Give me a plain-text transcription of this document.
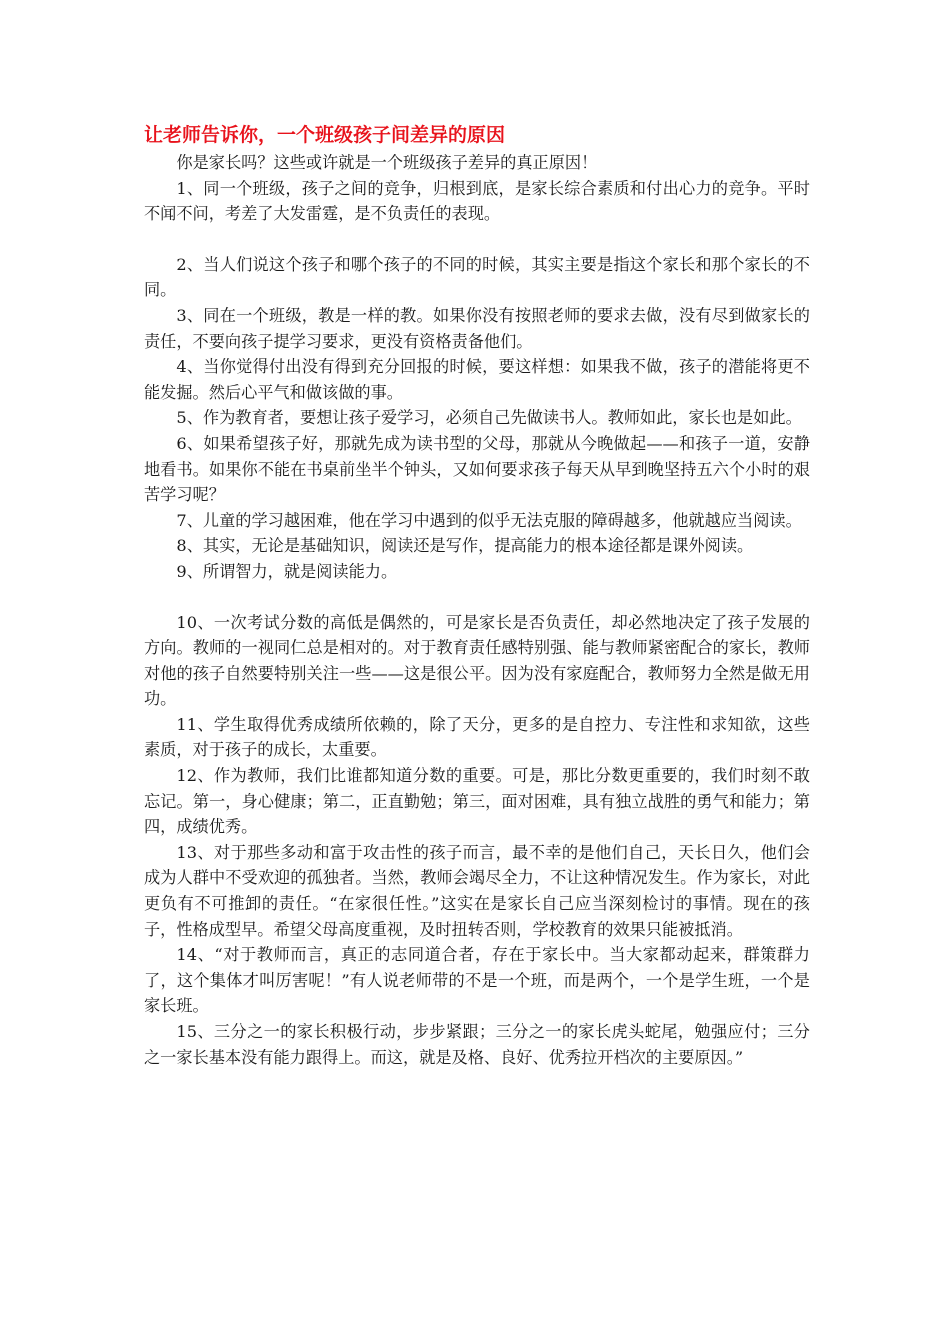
让老师告诉你，一个班级孩子间差异的原因

你是家长吗？这些或许就是一个班级孩子差异的真正原因！

1、同一个班级，孩子之间的竞争，归根到底，是家长综合素质和付出心力的竞争。平时不闻不问，考差了大发雷霆，是不负责任的表现。

2、当人们说这个孩子和哪个孩子的不同的时候，其实主要是指这个家长和那个家长的不同。

3、同在一个班级，教是一样的教。如果你没有按照老师的要求去做，没有尽到做家长的责任，不要向孩子提学习要求，更没有资格责备他们。

4、当你觉得付出没有得到充分回报的时候，要这样想：如果我不做，孩子的潜能将更不能发掘。然后心平气和做该做的事。

5、作为教育者，要想让孩子爱学习，必须自己先做读书人。教师如此，家长也是如此。

6、如果希望孩子好，那就先成为读书型的父母，那就从今晚做起——和孩子一道，安静地看书。如果你不能在书桌前坐半个钟头，又如何要求孩子每天从早到晚坚持五六个小时的艰苦学习呢？

7、儿童的学习越困难，他在学习中遇到的似乎无法克服的障碍越多，他就越应当阅读。

8、其实，无论是基础知识，阅读还是写作，提高能力的根本途径都是课外阅读。

9、所谓智力，就是阅读能力。

10、一次考试分数的高低是偶然的，可是家长是否负责任，却必然地决定了孩子发展的方向。教师的一视同仁总是相对的。对于教育责任感特别强、能与教师紧密配合的家长，教师对他的孩子自然要特别关注一些——这是很公平。因为没有家庭配合，教师努力全然是做无用功。

11、学生取得优秀成绩所依赖的，除了天分，更多的是自控力、专注性和求知欲，这些素质，对于孩子的成长，太重要。

12、作为教师，我们比谁都知道分数的重要。可是，那比分数更重要的，我们时刻不敢忘记。第一，身心健康；第二，正直勤勉；第三，面对困难，具有独立战胜的勇气和能力；第四，成绩优秀。

13、对于那些多动和富于攻击性的孩子而言，最不幸的是他们自己，天长日久，他们会成为人群中不受欢迎的孤独者。当然，教师会竭尽全力，不让这种情况发生。作为家长，对此更负有不可推卸的责任。“在家很任性。”这实在是家长自己应当深刻检讨的事情。现在的孩子，性格成型早。希望父母高度重视，及时扭转否则，学校教育的效果只能被抵消。

14、“对于教师而言，真正的志同道合者，存在于家长中。当大家都动起来，群策群力了，这个集体才叫厉害呢！”有人说老师带的不是一个班，而是两个，一个是学生班，一个是家长班。

15、三分之一的家长积极行动，步步紧跟；三分之一的家长虎头蛇尾，勉强应付；三分之一家长基本没有能力跟得上。而这，就是及格、良好、优秀拉开档次的主要原因。”
